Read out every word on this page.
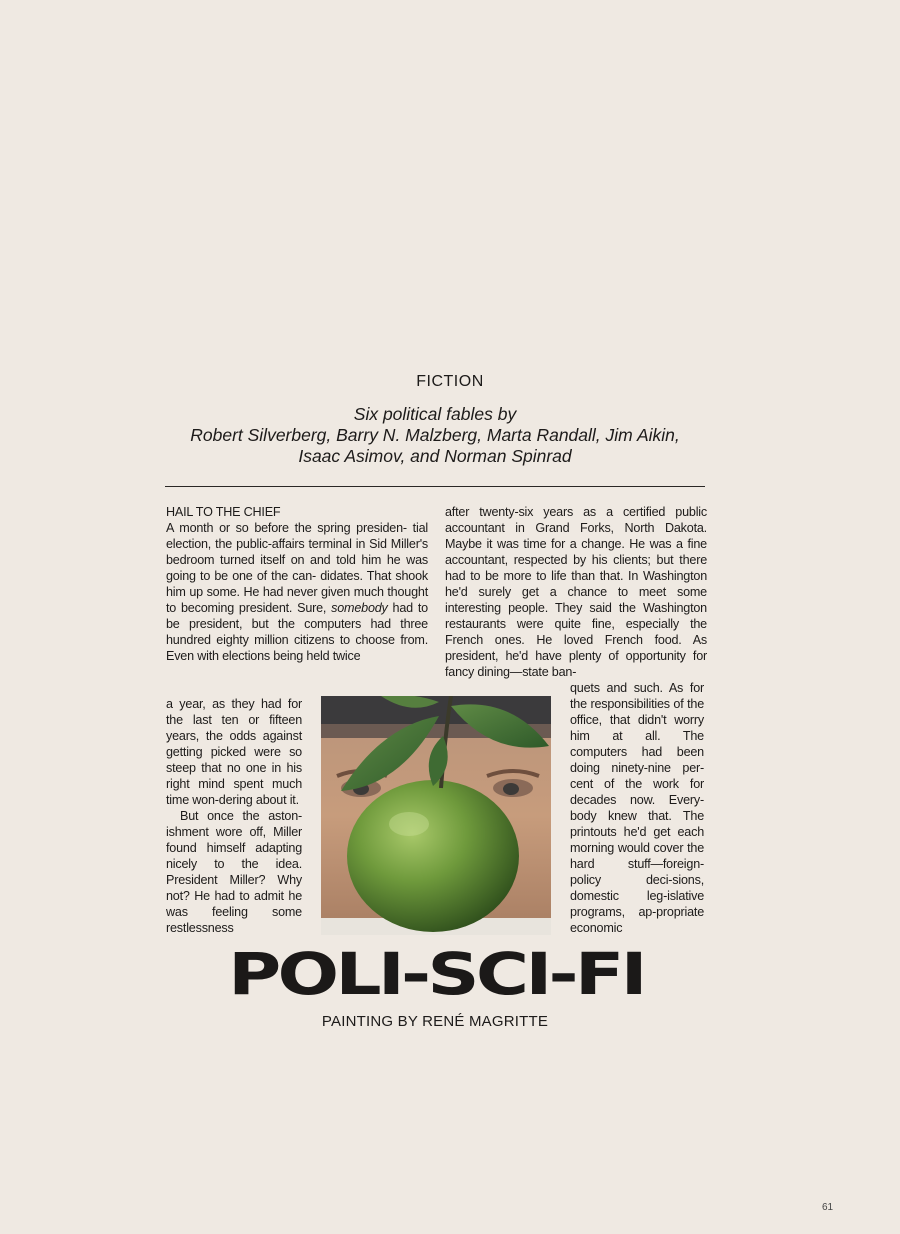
FICTION
Six political fables by
Robert Silverberg, Barry N. Malzberg, Marta Randall, Jim Aikin,
Isaac Asimov, and Norman Spinrad

HAIL TO THE CHIEF

A month or so before the spring presiden- tial election, the public-affairs terminal in Sid Miller's bedroom turned itself on and told him he was going to be one of the can- didates. That shook him up some. He had never given much thought to becoming president. Sure, somebody had to be president, but the computers had three hundred eighty million citizens to choose from. Even with elections being held twice

a year, as they had for the last ten or fifteen years, the odds against getting picked were so steep that no one in his right mind spent much time won-dering about it.

But once the aston-ishment wore off, Miller found himself adapting nicely to the idea. President Miller? Why not? He had to admit he was feeling some restlessness

after twenty-six years as a certified public accountant in Grand Forks, North Dakota. Maybe it was time for a change. He was a fine accountant, respected by his clients; but there had to be more to life than that. In Washington he'd surely get a chance to meet some interesting people. They said the Washington restaurants were quite fine, especially the French ones. He loved French food. As president, he'd have plenty of opportunity for fancy dining—state ban-

quets and such. As for the responsibilities of the office, that didn't worry him at all. The computers had been doing ninety-nine per-cent of the work for decades now. Every-body knew that. The printouts he'd get each morning would cover the hard stuff—foreign-policy deci-sions, domestic leg-islative programs, ap-propriate economic

POLI-SCI-FI
PAINTING BY RENÉ MAGRITTE
61
